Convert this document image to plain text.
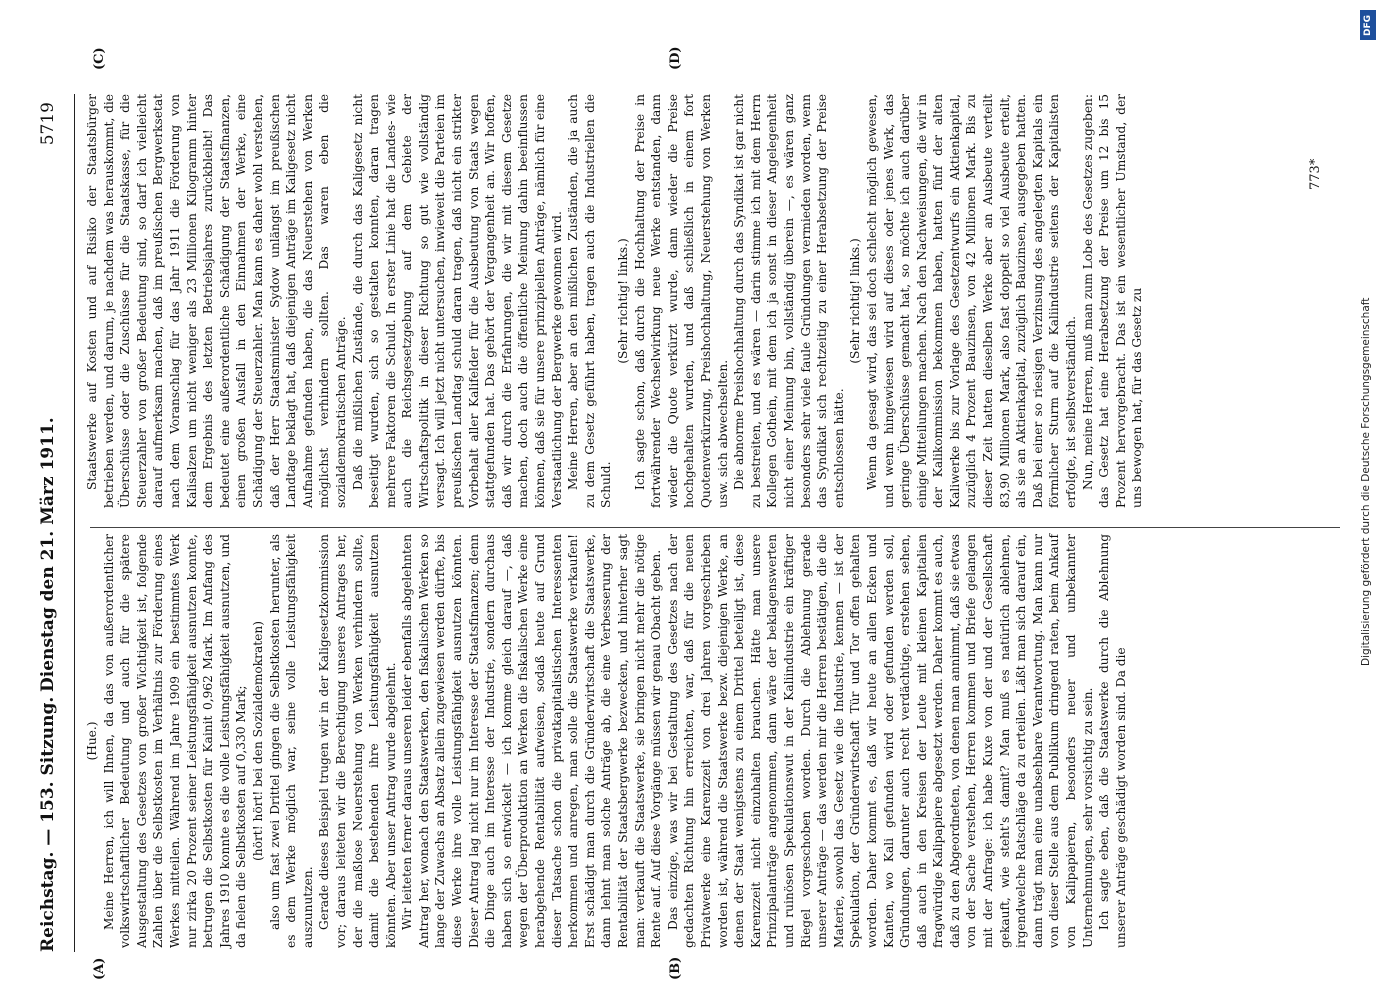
Reichstag. — 153. Sitzung.
Dienstag den 21. März 1911.
5719
(A)	(B)
(C)	(D)

(Hue.) Meine Herren, ich will Ihnen, da das von außerordentlicher volkswirtschaftlicher Bedeutung und auch für die spätere Ausgestaltung des Gesetzes von großer Wichtigkeit ist, folgende Zahlen über die Selbstkosten im Verhältnis zur Förderung eines Werkes mitteilen. Während im Jahre 1909 ein bestimmtes Werk nur zirka 20 Prozent seiner Leistungsfähigkeit ausnutzen konnte, betrugen die Selbstkosten für Kainit 0,962 Mark. Im Anfang des Jahres 1910 konnte es die volle Leistungsfähigkeit ausnutzen, und da fielen die Selbstkosten auf 0,330 Mark; (hört! hört! bei den Sozialdemokraten) also um fast zwei Drittel gingen die Selbstkosten herunter, als es dem Werke möglich war, seine volle Leistungsfähigkeit auszunutzen. Gerade dieses Beispiel trugen wir in der Kaligesetzkommission vor; daraus leiteten wir die Berechtigung unseres Antrages her, der die maßlose Neuerstehung von Werken verhindern sollte, damit die bestehenden ihre Leistungsfähigkeit ausnutzen könnten. Aber unser Antrag wurde abgelehnt. Wir leiteten ferner daraus unseren leider ebenfalls abgelehnten Antrag her, wonach den Staatswerken, den fiskalischen Werken so lange der Zuwachs an Absatz allein zugewiesen werden dürfte, bis diese Werke ihre volle Leistungsfähigkeit ausnutzen könnten. Dieser Antrag lag nicht nur im Interesse der Staatsfinanzen; denn die Dinge auch im Interesse der Industrie, sondern durchaus haben sich so entwickelt — ich komme gleich darauf —, daß wegen der Überproduktion an Werken die fiskalischen Werke eine herabgehende Rentabilität aufweisen, sodaß heute auf Grund dieser Tatsache schon die privatkapitalistischen Interessenten herkommen und anregen, man solle die Staatswerke verkaufen! Erst schädigt man durch die Gründerwirtschaft die Staatswerke, dann lehnt man solche Anträge ab, die eine Verbesserung der Rentabilität der Staatsbergwerke bezwecken, und hinterher sagt man: verkauft die Staatswerke, sie bringen nicht mehr die nötige Rente auf. Auf diese Vorgänge müssen wir genau Obacht geben. Das einzige, was wir bei Gestaltung des Gesetzes nach der gedachten Richtung hin erreichten, war, daß für die neuen Privatwerke eine Karenzzeit von drei Jahren vorgeschrieben worden ist, während die Staatswerke bezw. diejenigen Werke, an denen der Staat wenigstens zu einem Drittel beteiligt ist, diese Karenzzeit nicht einzuhalten brauchen. Hätte man unsere Prinzipalanträge angenommen, dann wäre der beklagenswerten und ruinösen Spekulationswut in der Kaliindustrie ein kräftiger Riegel vorgeschoben worden. Durch die Ablehnung gerade unserer Anträge — das werden mir die Herren bestätigen, die die Materie, sowohl das Gesetz wie die Industrie, kennen — ist der Spekulation, der Gründerwirtschaft Tür und Tor offen gehalten worden. Daher kommt es, daß wir heute an allen Ecken und Kanten, wo Kali gefunden wird oder gefunden werden soll, Gründungen, darunter auch recht verdächtige, erstehen sehen, daß auch in den Kreisen der Leute mit kleinen Kapitalien fragwürdige Kalipapiere abgesetzt werden. Daher kommt es auch, daß zu den Abgeordneten, von denen man annimmt, daß sie etwas von der Sache verstehen, Herren kommen und Briefe gelangen mit der Anfrage: ich habe Kuxe von der und der Gesellschaft gekauft, wie steht's damit? Man muß es natürlich ablehnen, irgendwelche Ratschläge da zu erteilen. Läßt man sich darauf ein, dann trägt man eine unabsehbare Verantwortung. Man kann nur von dieser Stelle aus dem Publikum dringend raten, beim Ankauf von Kalipapieren, besonders neuer und unbekannter Unternehmungen, sehr vorsichtig zu sein. Ich sagte eben, daß die Staatswerke durch die Ablehnung unserer Anträge geschädigt worden sind. Da die

Staatswerke auf Kosten und auf Risiko der Staatsbürger betrieben werden, und darum, je nachdem was herauskommt, die Überschüsse oder die Zuschüsse für die Staatskasse, für die Steuerzahler von großer Bedeutung sind, so darf ich vielleicht darauf aufmerksam machen, daß im preußischen Bergwerksetat nach dem Voranschlag für das Jahr 1911 die Förderung von Kalisalzen um nicht weniger als 23 Millionen Kilogramm hinter dem Ergebnis des letzten Betriebsjahres zurückbleibt! Das bedeutet eine außerordentliche Schädigung der Staatsfinanzen, einen großen Ausfall in den Einnahmen der Werke, eine Schädigung der Steuerzahler. Man kann es daher wohl verstehen, daß der Herr Staatsminister Sydow unlängst im preußischen Landtage beklagt hat, daß diejenigen Anträge im Kaligesetz nicht Aufnahme gefunden haben, die das Neuerstehen von Werken möglichst verhindern sollten. Das waren eben die sozialdemokratischen Anträge. Daß die mißlichen Zustände, die durch das Kaligesetz nicht beseitigt wurden, sich so gestalten konnten, daran tragen mehrere Faktoren die Schuld. In erster Linie hat die Landes- wie auch die Reichsgesetzgebung auf dem Gebiete der Wirtschaftspolitik in dieser Richtung so gut wie vollständig versagt. Ich will jetzt nicht untersuchen, inwieweit die Parteien im preußischen Landtag schuld daran tragen, daß nicht ein strikter Vorbehalt aller Kalifelder für die Ausbeutung von Staats wegen stattgefunden hat. Das gehört der Vergangenheit an. Wir hoffen, daß wir durch die Erfahrungen, die wir mit diesem Gesetze machen, doch auch die öffentliche Meinung dahin beeinflussen können, daß sie für unsere prinzipiellen Anträge, nämlich für eine Verstaatlichung der Bergwerke gewonnen wird. Meine Herren, aber an den mißlichen Zuständen, die ja auch zu dem Gesetz geführt haben, tragen auch die Industriellen die Schuld.

(Sehr richtig! links.) Ich sagte schon, daß durch die Hochhaltung der Preise in fortwährender Wechselwirkung neue Werke entstanden, dann wieder die Quote verkürzt wurde, dann wieder die Preise hochgehalten wurden, und daß schließlich in einem fort Quotenverkürzung, Preishochhaltung, Neuerstehung von Werken usw. sich abwechselten. Die abnorme Preishochhaltung durch das Syndikat ist gar nicht zu bestreiten, und es wären — darin stimme ich mit dem Herrn Kollegen Gothein, mit dem ich ja sonst in dieser Angelegenheit nicht einer Meinung bin, vollständig überein —, es wären ganz besonders sehr viele faule Gründungen vermieden worden, wenn das Syndikat sich rechtzeitig zu einer Herabsetzung der Preise entschlossen hätte.

(Sehr richtig! links.) Wenn da gesagt wird, das sei doch schlecht möglich gewesen, und wenn hingewiesen wird auf dieses oder jenes Werk, das geringe Überschüsse gemacht hat, so möchte ich auch darüber einige Mitteilungen machen. Nach den Nachweisungen, die wir in der Kalikommission bekommen haben, hatten fünf der alten Kaliwerke bis zur Vorlage des Gesetzentwurfs ein Aktienkapital, zuzüglich 4 Prozent Bauzinsen, von 42 Millionen Mark. Bis zu dieser Zeit hatten dieselben Werke aber an Ausbeute verteilt 83,90 Millionen Mark, also fast doppelt so viel Ausbeute erteilt, als sie an Aktienkapital, zuzüglich Bauzinsen, ausgegeben hatten. Daß bei einer so riesigen Verzinsung des angelegten Kapitals ein förmlicher Sturm auf die Kaliindustrie seitens der Kapitalisten erfolgte, ist selbstverständlich. Nun, meine Herren, muß man zum Lobe des Gesetzes zugeben: das Gesetz hat eine Herabsetzung der Preise um 12 bis 15 Prozent hervorgebracht. Das ist ein wesentlicher Umstand, der uns bewogen hat, für das Gesetz zu

773*
DFG
Digitalisierung gefördert durch die Deutsche Forschungsgemeinschaft
